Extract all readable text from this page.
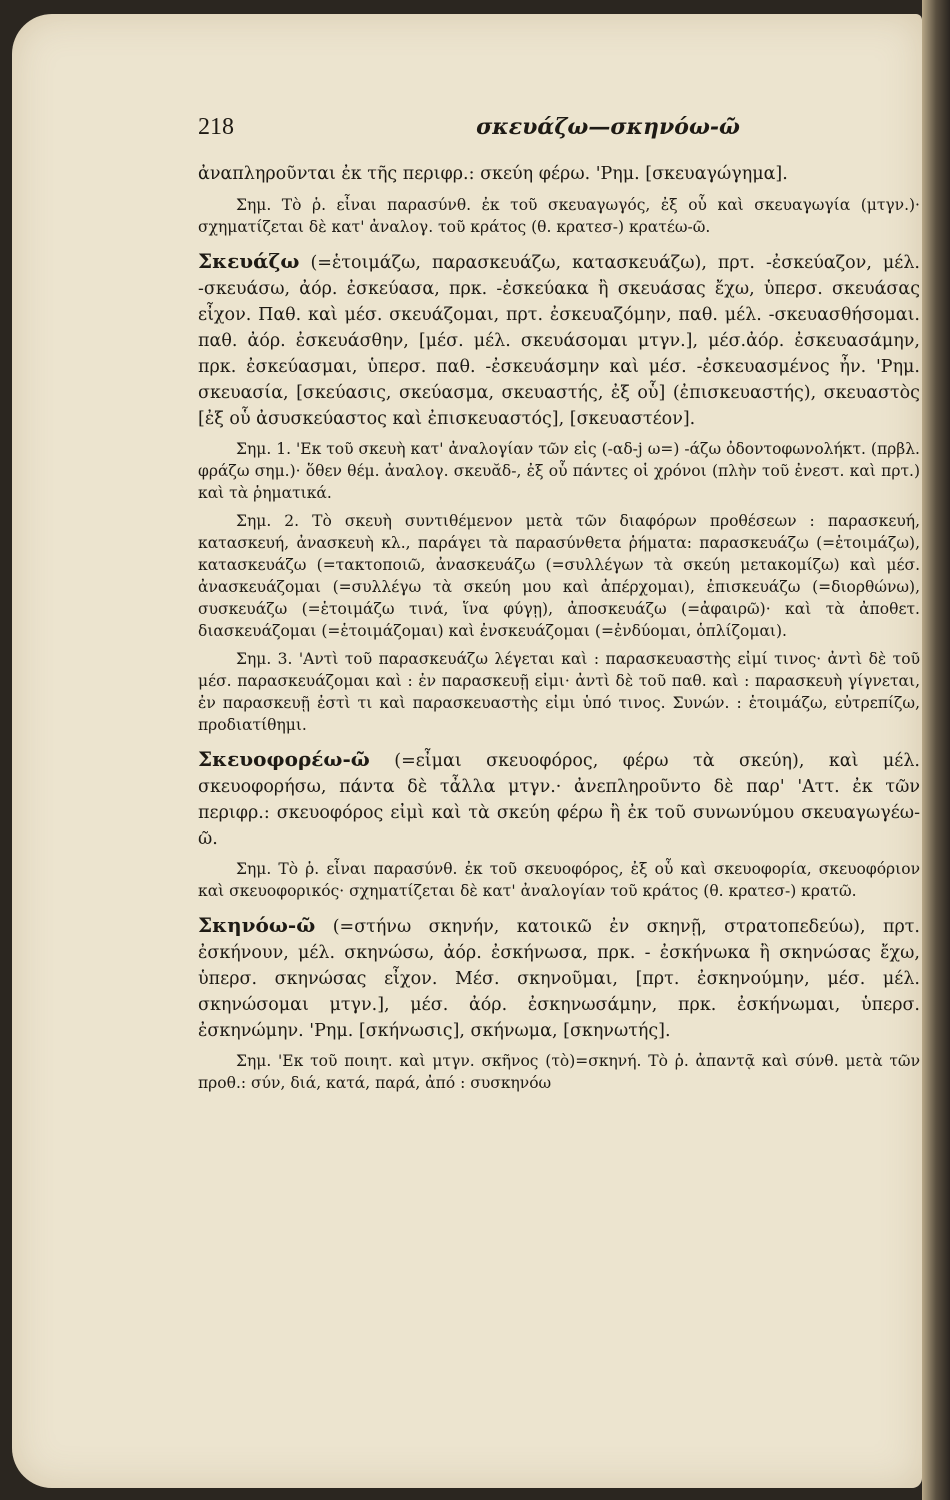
218	σκευάζω—σκηνόω-ῶ
ἀναπληροῦνται ἐκ τῆς περιφρ.: σκεύη φέρω. 'Ρημ. [σκευαγώγημα].

Σημ. Τὸ ῥ. εἶναι παρασύνθ. ἐκ τοῦ σκευαγωγός, ἐξ οὗ καὶ σκευαγωγία (μτγν.)· σχηματίζεται δὲ κατ' ἀναλογ. τοῦ κράτος (θ. κρατεσ-) κρατέω-ῶ.

Σκευάζω (=ἑτοιμάζω, παρασκευάζω, κατασκευάζω), πρτ. -ἐσκεύαζον, μέλ. -σκευάσω, ἀόρ. ἐσκεύασα, πρκ. -ἐσκεύακα ἢ σκευάσας ἔχω, ὑπερσ. σκευάσας εἶχον. Παθ. καὶ μέσ. σκευάζομαι, πρτ. ἐσκευαζόμην, παθ. μέλ. -σκευασθήσομαι. παθ. ἀόρ. ἐσκευάσθην, [μέσ. μέλ. σκευάσομαι μτγν.], μέσ.ἀόρ. ἐσκευασάμην, πρκ. ἐσκεύασμαι, ὑπερσ. παθ. -ἐσκευάσμην καὶ μέσ. -ἐσκευασμένος ἦν. 'Ρημ. σκευασία, [σκεύασις, σκεύασμα, σκευαστής, ἐξ οὗ] (ἐπισκευαστής), σκευαστὸς [ἐξ οὗ ἀσυσκεύαστος καὶ ἐπισκευαστός], [σκευαστέον].

Σημ. 1. 'Εκ τοῦ σκευὴ κατ' ἀναλογίαν τῶν εἰς (-αδ-j ω=) -άζω ὀδοντοφωνολήκτ. (πρβλ. φράζω σημ.)· ὅθεν θέμ. ἀναλογ. σκευᾰδ-, ἐξ οὗ πάντες οἱ χρόνοι (πλὴν τοῦ ἐνεστ. καὶ πρτ.) καὶ τὰ ῥηματικά.

Σημ. 2. Τὸ σκευὴ συντιθέμενον μετὰ τῶν διαφόρων προθέσεων : παρασκευή, κατασκευή, ἀνασκευὴ κλ., παράγει τὰ παρασύνθετα ῥήματα: παρασκευάζω (=ἑτοιμάζω), κατασκευάζω (=τακτοποιῶ, ἀνασκευάζω (=συλλέγων τὰ σκεύη μετακομίζω) καὶ μέσ. ἀνασκευάζομαι (=συλλέγω τὰ σκεύη μου καὶ ἀπέρχομαι), ἐπισκευάζω (=διορθώνω), συσκευάζω (=ἑτοιμάζω τινά, ἵνα φύγῃ), ἀποσκευάζω (=ἀφαιρῶ)· καὶ τὰ ἀποθετ. διασκευάζομαι (=ἑτοιμάζομαι) καὶ ἐνσκευάζομαι (=ἐνδύομαι, ὁπλίζομαι).

Σημ. 3. 'Αντὶ τοῦ παρασκευάζω λέγεται καὶ : παρασκευαστὴς εἰμί τινος· ἀντὶ δὲ τοῦ μέσ. παρασκευάζομαι καὶ : ἐν παρασκευῇ εἰμι· ἀντὶ δὲ τοῦ παθ. καὶ : παρασκευὴ γίγνεται, ἐν παρασκευῇ ἐστὶ τι καὶ παρασκευαστὴς εἰμι ὑπό τινος. Συνών. : ἑτοιμάζω, εὐτρεπίζω, προδιατίθημι.

Σκευοφορέω-ῶ (=εἶμαι σκευοφόρος, φέρω τὰ σκεύη), καὶ μέλ. σκευοφορήσω, πάντα δὲ τἆλλα μτγν.· ἀνεπληροῦντο δὲ παρ' 'Αττ. ἐκ τῶν περιφρ.: σκευοφόρος εἰμὶ καὶ τὰ σκεύη φέρω ἢ ἐκ τοῦ συνωνύμου σκευαγωγέω-ῶ.

Σημ. Τὸ ῥ. εἶναι παρασύνθ. ἐκ τοῦ σκευοφόρος, ἐξ οὗ καὶ σκευοφορία, σκευοφόριον καὶ σκευοφορικός· σχηματίζεται δὲ κατ' ἀναλογίαν τοῦ κράτος (θ. κρατεσ-) κρατῶ.

Σκηνόω-ῶ (=στήνω σκηνήν, κατοικῶ ἐν σκηνῇ, στρατοπεδεύω), πρτ. ἐσκήνουν, μέλ. σκηνώσω, ἀόρ. ἐσκήνωσα, πρκ. - ἐσκήνωκα ἢ σκηνώσας ἔχω, ὑπερσ. σκηνώσας εἶχον. Μέσ. σκηνοῦμαι, [πρτ. ἐσκηνούμην, μέσ. μέλ. σκηνώσομαι μτγν.], μέσ. ἀόρ. ἐσκηνωσάμην, πρκ. ἐσκήνωμαι, ὑπερσ. ἐσκηνώμην. 'Ρημ. [σκήνωσις], σκήνωμα, [σκηνωτής].

Σημ. 'Εκ τοῦ ποιητ. καὶ μτγν. σκῆνος (τὸ)=σκηνή. Τὸ ῥ. ἀπαντᾷ καὶ σύνθ. μετὰ τῶν προθ.: σύν, διά, κατά, παρά, ἀπό : συσκηνόω
